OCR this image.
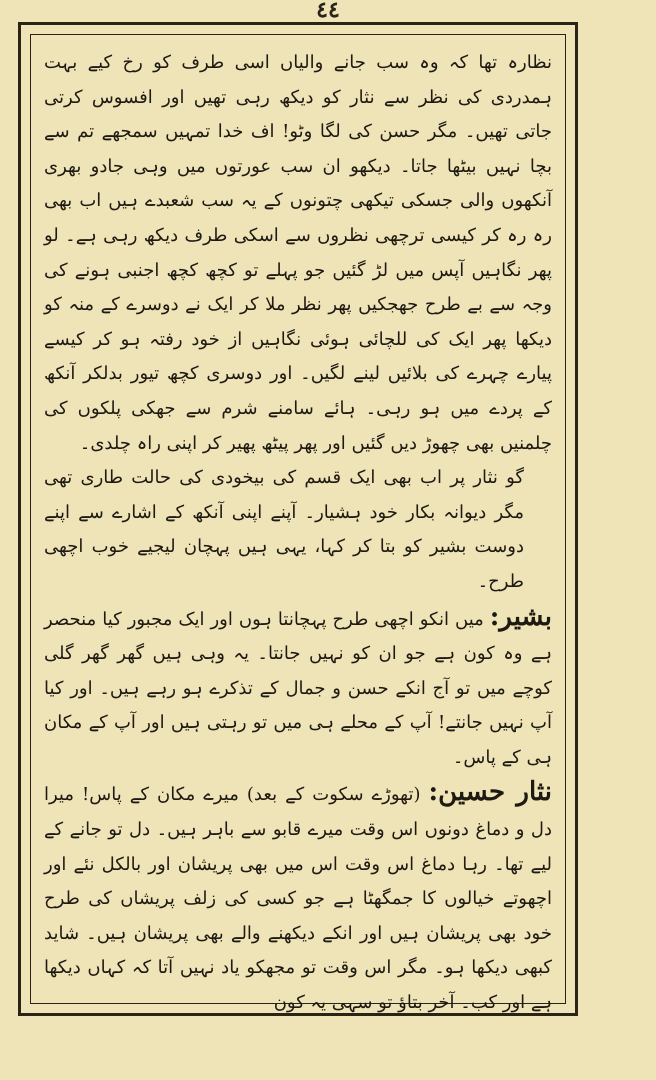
٤٤

نظارہ تھا کہ وہ سب جانے والیاں اسی طرف کو رخ کیے بہت ہمدردی کی نظر سے نثار کو دیکھ رہی تھیں اور افسوس کرتی جاتی تھیں۔ مگر حسن کی لگا وٹو! اف خدا تمہیں سمجھے تم سے بچا نہیں بیٹھا جاتا۔ دیکھو ان سب عورتوں میں وہی جادو بھری آنکھوں والی جسکی تیکھی چتونوں کے یہ سب شعبدے ہیں اب بھی رہ رہ کر کیسی ترچھی نظروں سے اسکی طرف دیکھ رہی ہے۔ لو پھر نگاہیں آپس میں لڑ گئیں جو پہلے تو کچھ کچھ اجنبی ہونے کی وجہ سے بے طرح جھجکیں پھر نظر ملا کر ایک نے دوسرے کے منہ کو دیکھا پھر ایک کی للچائی ہوئی نگاہیں از خود رفتہ ہو کر کیسے پیارے چہرے کی بلائیں لینے لگیں۔ اور دوسری کچھ تیور بدلکر آنکھ کے پردے میں ہو رہی۔ ہائے سامنے شرم سے جھکی پلکوں کی چلمنیں بھی چھوڑ دیں گئیں اور پھر پیٹھ پھیر کر اپنی راہ چلدی۔

گو نثار پر اب بھی ایک قسم کی بیخودی کی حالت طاری تھی مگر دیوانہ بکار خود ہشیار۔ آپنے اپنی آنکھ کے اشارے سے اپنے دوست بشیر کو بتا کر کہا، یہی ہیں پہچان لیجیے خوب اچھی طرح۔

بشیر: میں انکو اچھی طرح پہچانتا ہوں اور ایک مجبور کیا منحصر ہے وہ کون ہے جو ان کو نہیں جانتا۔ یہ وہی ہیں گھر گھر گلی کوچے میں تو آج انکے حسن و جمال کے تذکرے ہو رہے ہیں۔ اور کیا آپ نہیں جانتے! آپ کے محلے ہی میں تو رہتی ہیں اور آپ کے مکان ہی کے پاس۔

نثار حسین: (تھوڑے سکوت کے بعد) میرے مکان کے پاس! میرا دل و دماغ دونوں اس وقت میرے قابو سے باہر ہیں۔ دل تو جانے کے لیے تھا۔ رہا دماغ اس وقت اس میں بھی پریشان اور بالکل نئے اور اچھوتے خیالوں کا جمگھٹا ہے جو کسی کی زلف پریشاں کی طرح خود بھی پریشان ہیں اور انکے دیکھنے والے بھی پریشان ہیں۔ شاید کبھی دیکھا ہو۔ مگر اس وقت تو مجھکو یاد نہیں آتا کہ کہاں دیکھا ہے اور کب۔ آخر بتاؤ تو سہی یہ کون
